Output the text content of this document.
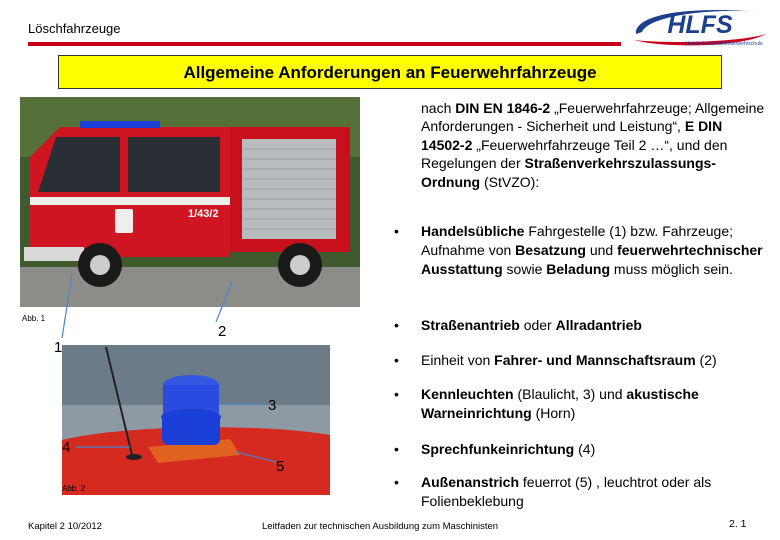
Löschfahrzeuge	HLFS
Hessische Landesfeuerwehrschule
Allgemeine Anforderungen an Feuerwehrfahrzeuge
1/43/2
Abb. 1
Abb. 2
1
2
3
4
5
nach DIN EN 1846-2 „Feuerwehrfahrzeuge; Allgemeine Anforderungen - Sicherheit und Leistung“, E DIN 14502-2 „Feuerwehrfahrzeuge Teil 2 …“, und den Regelungen der Straßenverkehrszulassungs-Ordnung (StVZO):
• Handelsübliche Fahrgestelle (1) bzw. Fahrzeuge; Aufnahme von Besatzung und feuerwehrtechnischer Ausstattung sowie Beladung muss möglich sein.
• Straßenantrieb oder Allradantrieb
• Einheit von Fahrer- und Mannschaftsraum (2)
• Kennleuchten (Blaulicht, 3) und akustische Warneinrichtung (Horn)
• Sprechfunkeinrichtung (4)
• Außenanstrich feuerrot (5) , leuchtrot oder als Folienbeklebung
Kapitel 2 10/2012	Leitfaden zur technischen Ausbildung zum Maschinisten	2. 1
